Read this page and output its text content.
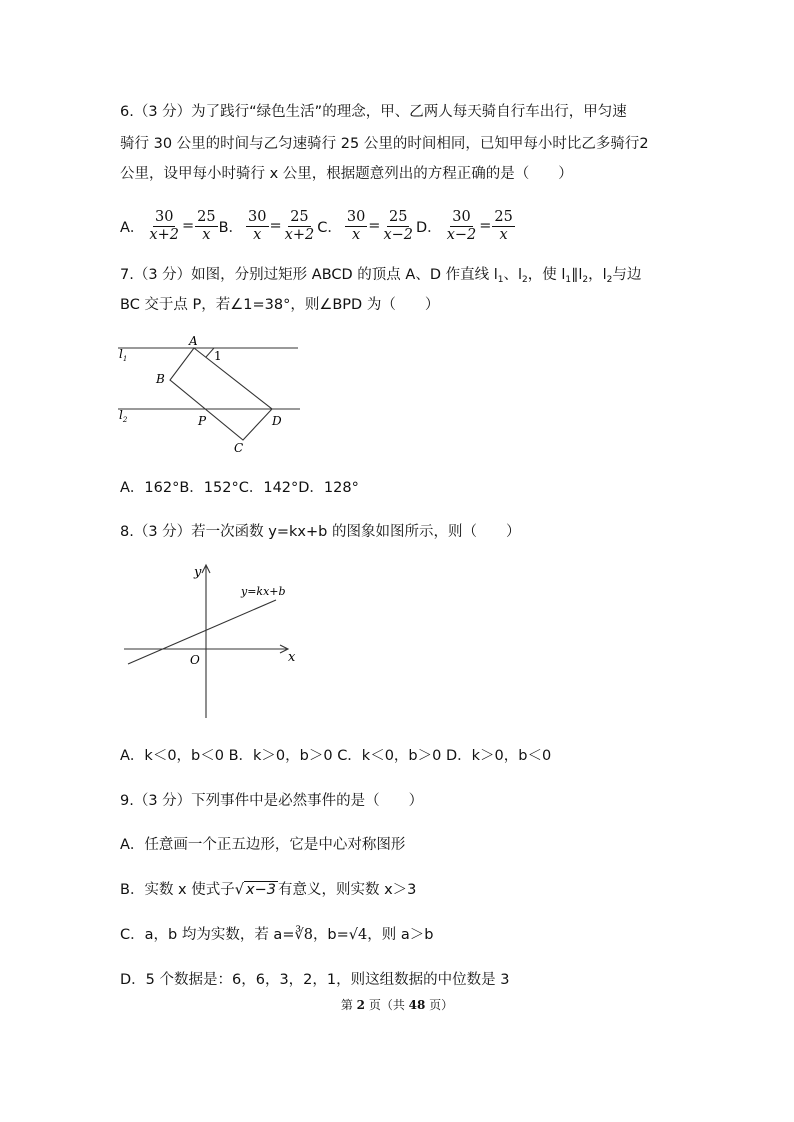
6.（3 分）为了践行“绿色生活”的理念，甲、乙两人每天骑自行车出行，甲匀速
骑行 30 公里的时间与乙匀速骑行 25 公里的时间相同，已知甲每小时比乙多骑行2
公里，设甲每小时骑行 x 公里，根据题意列出的方程正确的是（　　）
A． $\frac{30}{x+2} = \frac{25}{x}$ B． $\frac{30}{x} = \frac{25}{x+2}$ C． $\frac{30}{x} = \frac{25}{x-2}$ D． $\frac{30}{x-2} = \frac{25}{x}$
7.（3 分）如图，分别过矩形 ABCD 的顶点 A、D 作直线 $l_1$、$l_2$，使 $l_1\parallel l_2$，$l_2$与边
BC 交于点 P，若∠1=38°，则∠BPD 为（　　）
$l_1$
$l_2$
A
1
B
P	D
C
A．162°B．152°C．142°D．128°
8.（3 分）若一次函数 y=kx+b 的图象如图所示，则（　　）
y
x
O
y=kx+b
A．k＜0，b＜0 B．k＞0，b＞0 C．k＜0，b＞0 D．k＞0，b＜0
9.（3 分）下列事件中是必然事件的是（　　）
A．任意画一个正五边形，它是中心对称图形
B．实数 x 使式子√ x−3 有意义，则实数 x＞3
C．a，b 均为实数，若 a=∛8，b=√4，则 a＞b
D．5 个数据是：6，6，3，2，1，则这组数据的中位数是 3
第 2 页（共 48 页）
